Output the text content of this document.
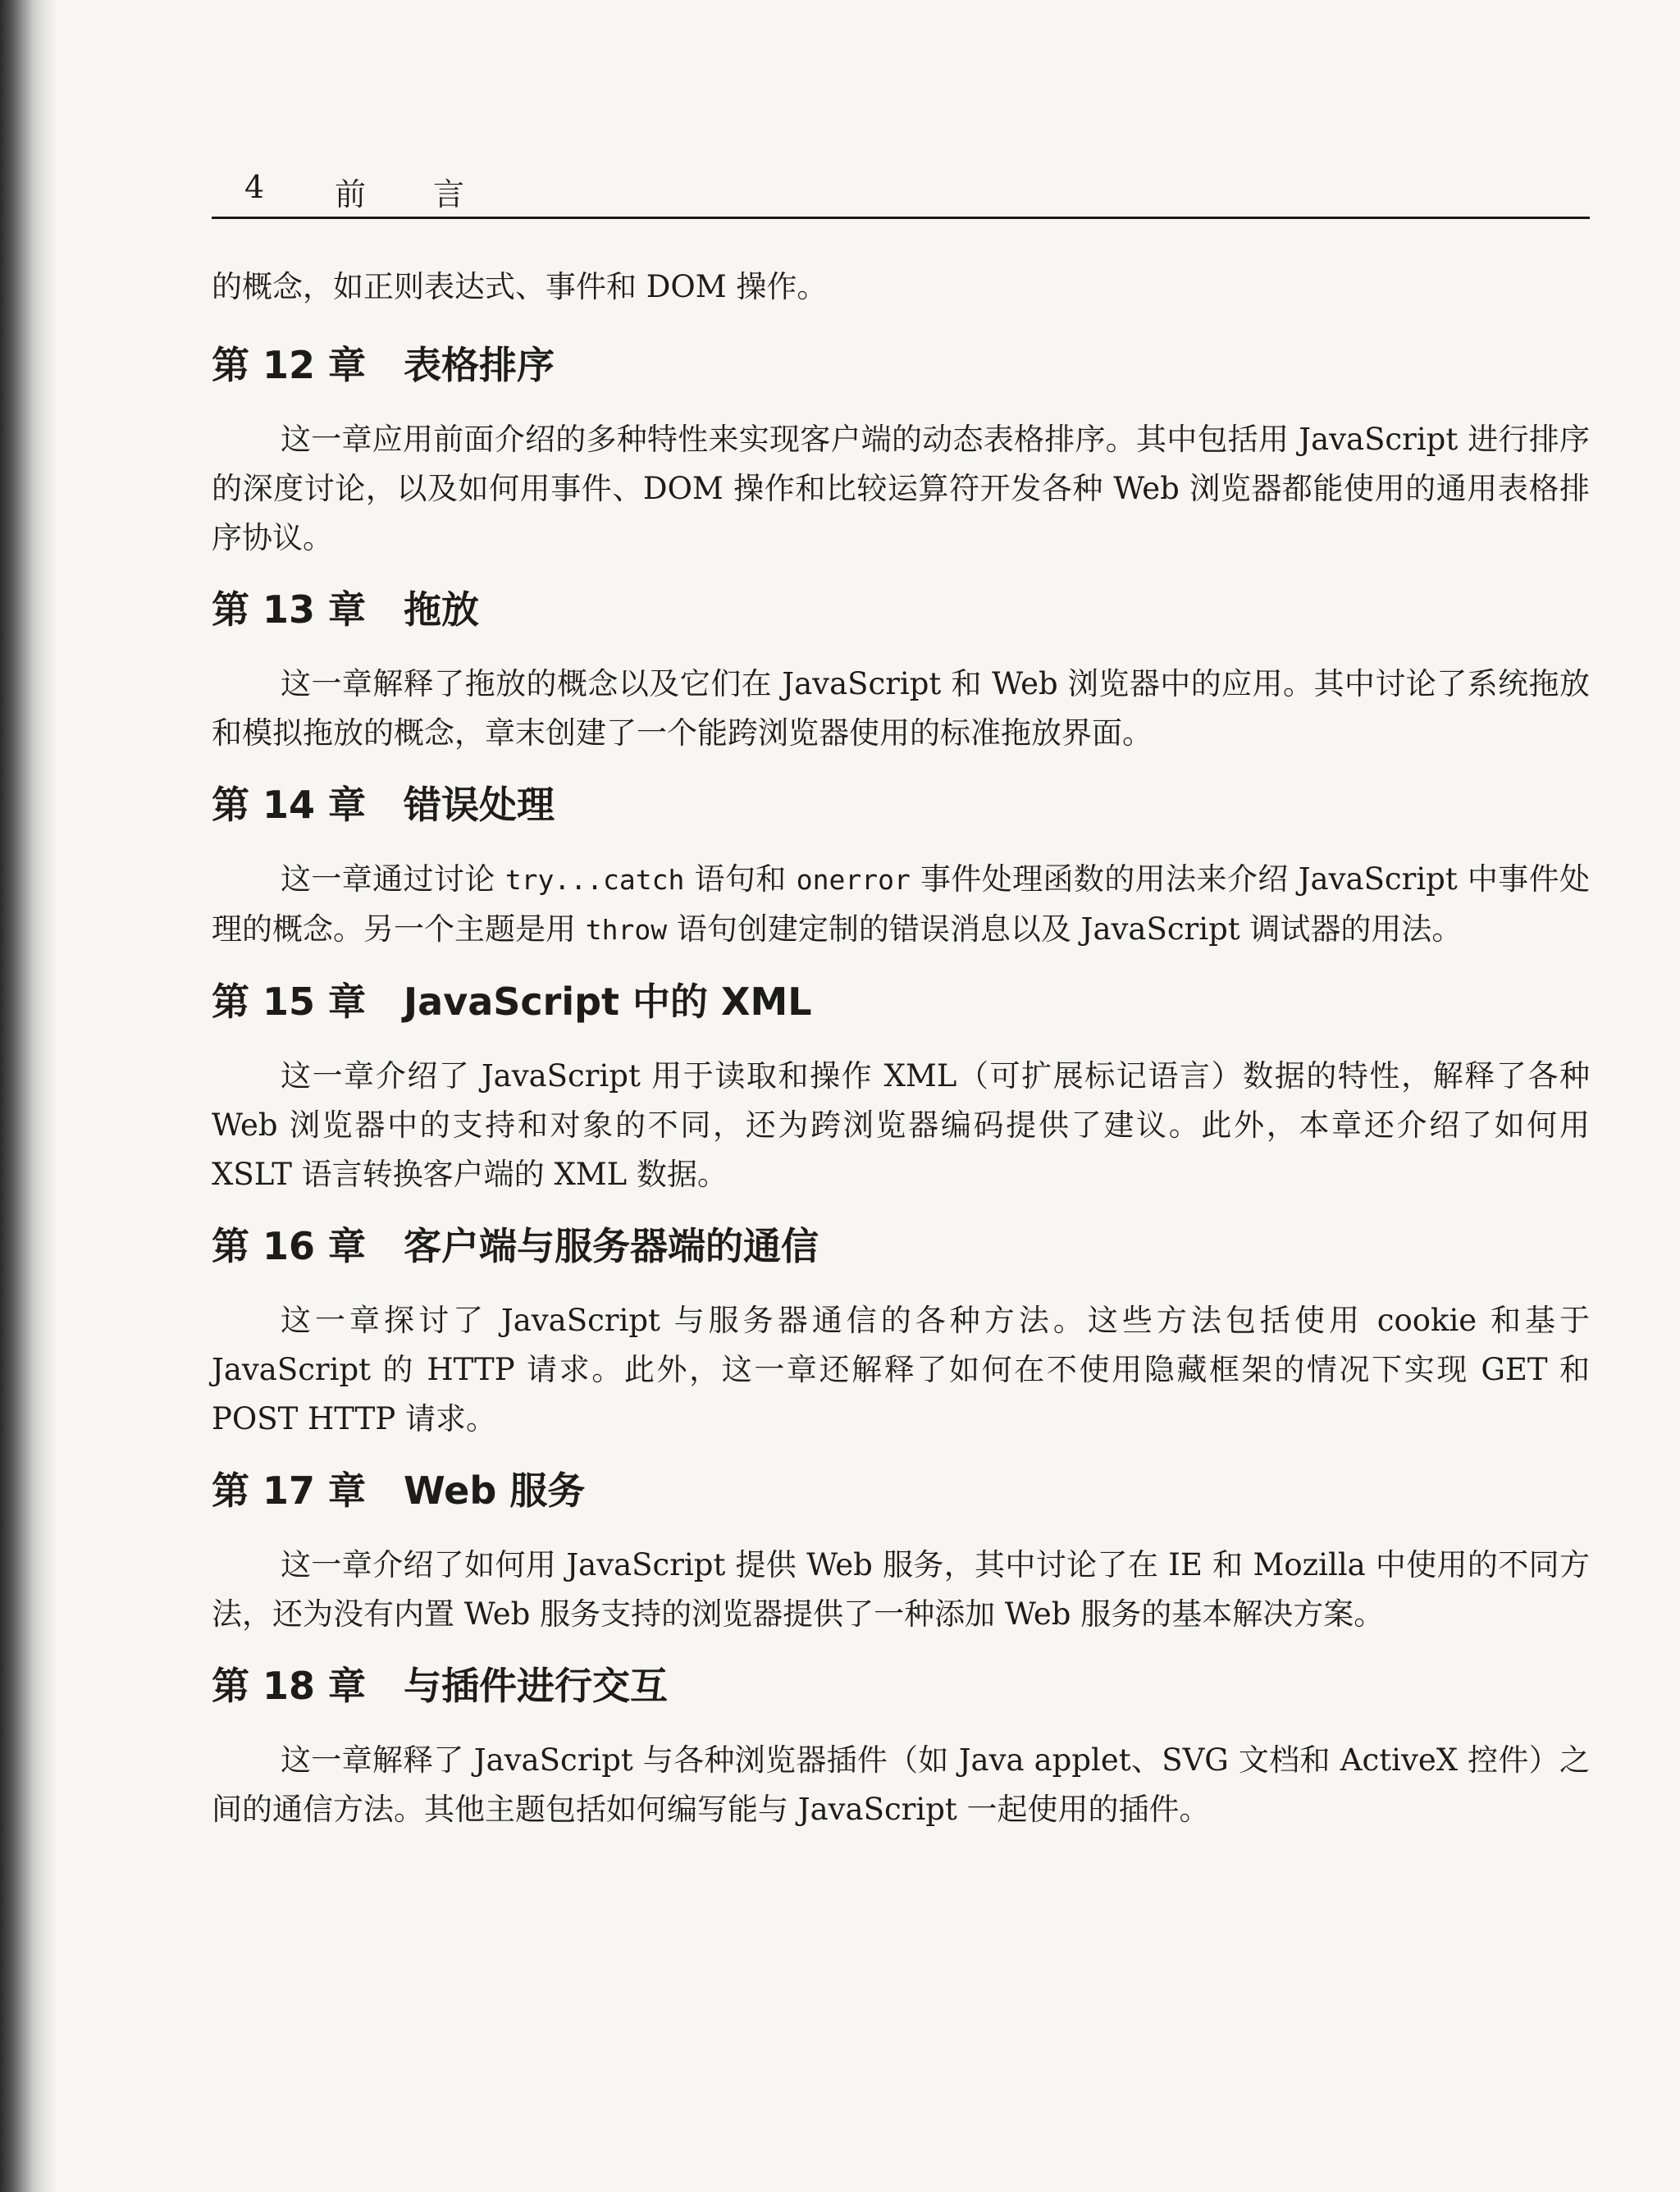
4 前 言

的概念，如正则表达式、事件和 DOM 操作。

第 12 章 表格排序

这一章应用前面介绍的多种特性来实现客户端的动态表格排序。其中包括用 JavaScript 进行排序的深度讨论，以及如何用事件、DOM 操作和比较运算符开发各种 Web 浏览器都能使用的通用表格排序协议。

第 13 章 拖放

这一章解释了拖放的概念以及它们在 JavaScript 和 Web 浏览器中的应用。其中讨论了系统拖放和模拟拖放的概念，章末创建了一个能跨浏览器使用的标准拖放界面。

第 14 章 错误处理

这一章通过讨论 try...catch 语句和 onerror 事件处理函数的用法来介绍 JavaScript 中事件处理的概念。另一个主题是用 throw 语句创建定制的错误消息以及 JavaScript 调试器的用法。

第 15 章 JavaScript 中的 XML

这一章介绍了 JavaScript 用于读取和操作 XML（可扩展标记语言）数据的特性，解释了各种 Web 浏览器中的支持和对象的不同，还为跨浏览器编码提供了建议。此外，本章还介绍了如何用 XSLT 语言转换客户端的 XML 数据。

第 16 章 客户端与服务器端的通信

这一章探讨了 JavaScript 与服务器通信的各种方法。这些方法包括使用 cookie 和基于 JavaScript 的 HTTP 请求。此外，这一章还解释了如何在不使用隐藏框架的情况下实现 GET 和 POST HTTP 请求。

第 17 章 Web 服务

这一章介绍了如何用 JavaScript 提供 Web 服务，其中讨论了在 IE 和 Mozilla 中使用的不同方法，还为没有内置 Web 服务支持的浏览器提供了一种添加 Web 服务的基本解决方案。

第 18 章 与插件进行交互

这一章解释了 JavaScript 与各种浏览器插件（如 Java applet、SVG 文档和 ActiveX 控件）之间的通信方法。其他主题包括如何编写能与 JavaScript 一起使用的插件。
